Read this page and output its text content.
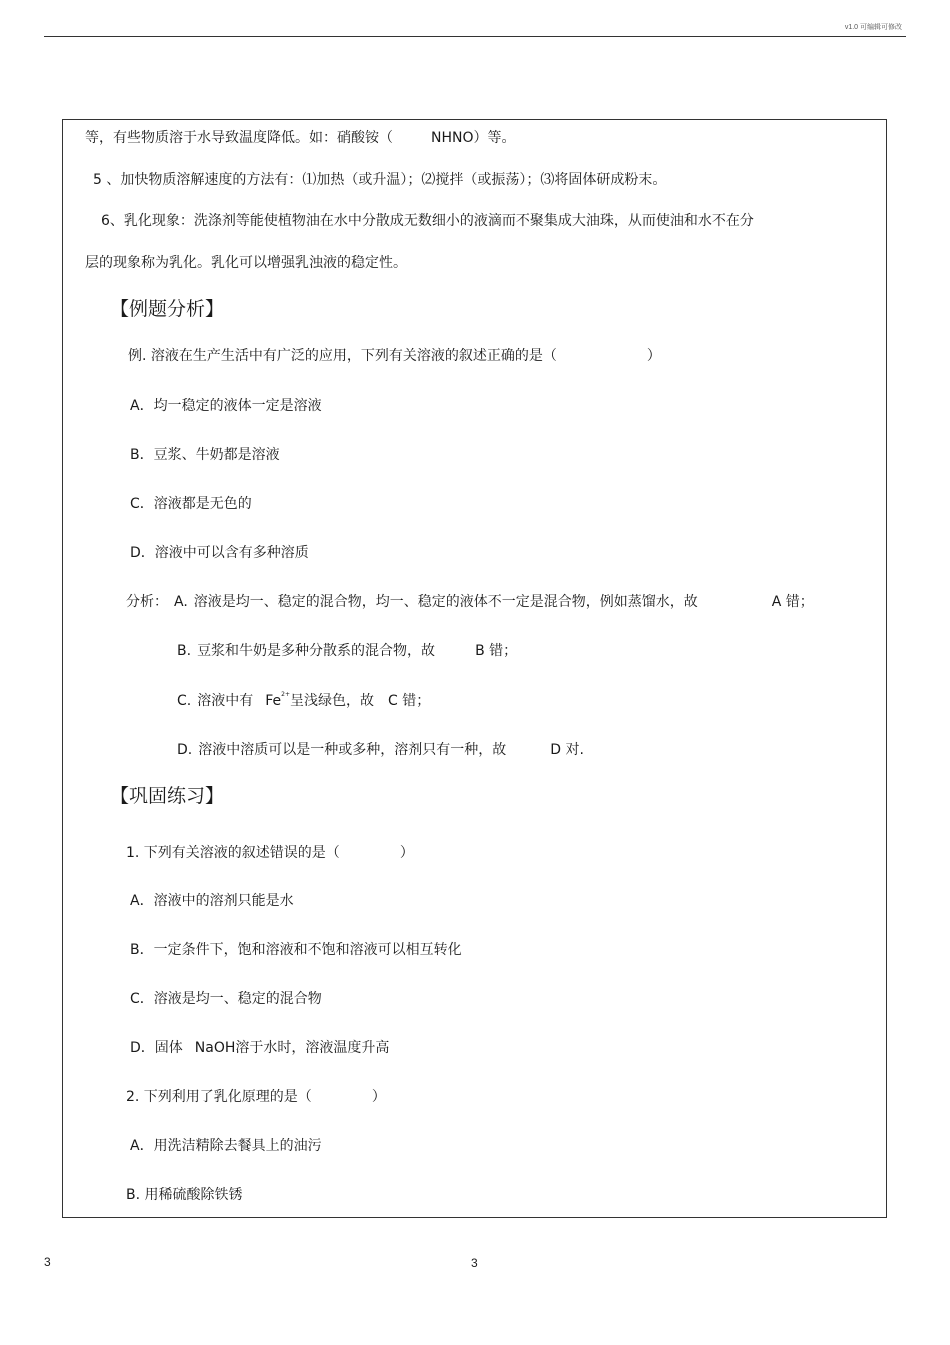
v1.0 可编辑可修改
等，有些物质溶于水导致温度降低。如：硝酸铵（	NHNO）等。
5 、加快物质溶解速度的方法有：⑴加热（或升温）；⑵搅拌（或振荡）；⑶将固体研成粉末。
6、乳化现象：洗涤剂等能使植物油在水中分散成无数细小的液滴而不聚集成大油珠，从而使油和水不在分
层的现象称为乳化。乳化可以增强乳浊液的稳定性。
【例题分析】
例. 溶液在生产生活中有广泛的应用，下列有关溶液的叙述正确的是（	）
A．均一稳定的液体一定是溶液
B．豆浆、牛奶都是溶液
C．溶液都是无色的
D．溶液中可以含有多种溶质
分析： A. 溶液是均一、稳定的混合物，均一、稳定的液体不一定是混合物，例如蒸馏水，故	A 错；
B. 豆浆和牛奶是多种分散系的混合物，故	B 错；
C. 溶液中有 $Fe^{2+}$呈浅绿色，故 C 错；
D. 溶液中溶质可以是一种或多种，溶剂只有一种，故	D 对.
【巩固练习】
1. 下列有关溶液的叙述错误的是（	）
A．溶液中的溶剂只能是水
B．一定条件下，饱和溶液和不饱和溶液可以相互转化
C．溶液是均一、稳定的混合物
D．固体 NaOH溶于水时，溶液温度升高
2. 下列利用了乳化原理的是（	）
A．用洗洁精除去餐具上的油污
B. 用稀硫酸除铁锈
3	3
